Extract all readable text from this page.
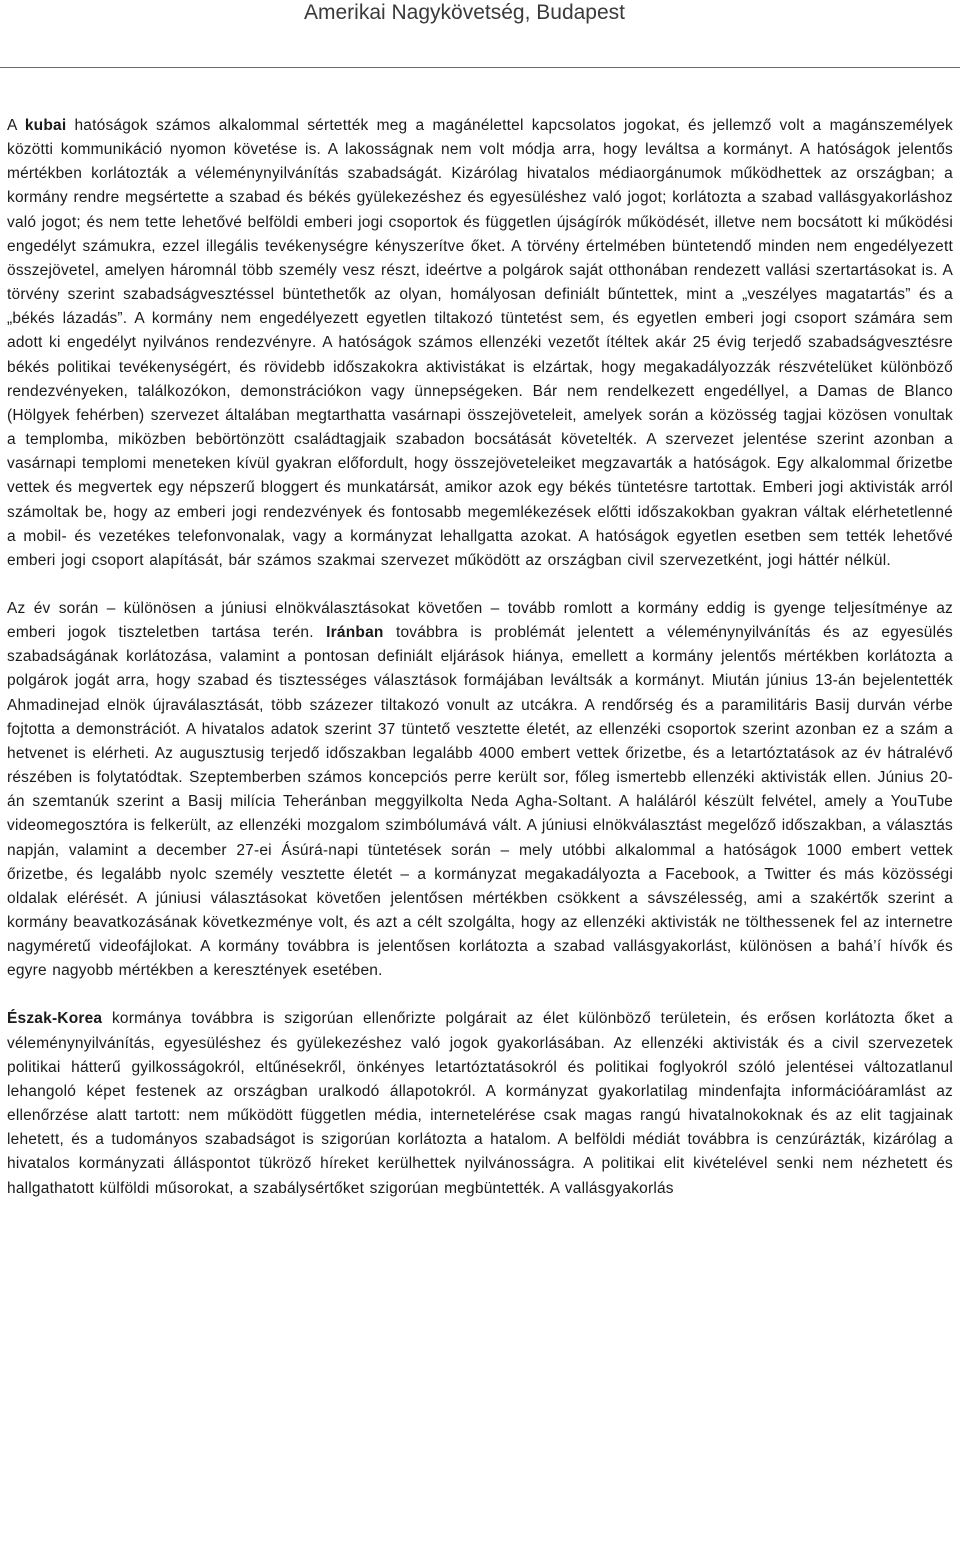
Amerikai Nagykövetség, Budapest

A kubai hatóságok számos alkalommal sértették meg a magánélettel kapcsolatos jogokat, és jellemző volt a magánszemélyek közötti kommunikáció nyomon követése is. A lakosságnak nem volt módja arra, hogy leváltsa a kormányt. A hatóságok jelentős mértékben korlátozták a véleménynyilvánítás szabadságát. Kizárólag hivatalos médiaorgánumok működhettek az országban; a kormány rendre megsértette a szabad és békés gyülekezéshez és egyesüléshez való jogot; korlátozta a szabad vallásgyakorláshoz való jogot; és nem tette lehetővé belföldi emberi jogi csoportok és független újságírók működését, illetve nem bocsátott ki működési engedélyt számukra, ezzel illegális tevékenységre kényszerítve őket. A törvény értelmében büntetendő minden nem engedélyezett összejövetel, amelyen háromnál több személy vesz részt, ideértve a polgárok saját otthonában rendezett vallási szertartásokat is. A törvény szerint szabadságvesztéssel büntethetők az olyan, homályosan definiált bűntettek, mint a „veszélyes magatartás” és a „békés lázadás”. A kormány nem engedélyezett egyetlen tiltakozó tüntetést sem, és egyetlen emberi jogi csoport számára sem adott ki engedélyt nyilvános rendezvényre. A hatóságok számos ellenzéki vezetőt ítéltek akár 25 évig terjedő szabadságvesztésre békés politikai tevékenységért, és rövidebb időszakokra aktivistákat is elzártak, hogy megakadályozzák részvételüket különböző rendezvényeken, találkozókon, demonstrációkon vagy ünnepségeken. Bár nem rendelkezett engedéllyel, a Damas de Blanco (Hölgyek fehérben) szervezet általában megtarthatta vasárnapi összejöveteleit, amelyek során a közösség tagjai közösen vonultak a templomba, miközben bebörtönzött családtagjaik szabadon bocsátását követelték. A szervezet jelentése szerint azonban a vasárnapi templomi meneteken kívül gyakran előfordult, hogy összejöveteleiket megzavarták a hatóságok. Egy alkalommal őrizetbe vettek és megvertek egy népszerű bloggert és munkatársát, amikor azok egy békés tüntetésre tartottak. Emberi jogi aktivisták arról számoltak be, hogy az emberi jogi rendezvények és fontosabb megemlékezések előtti időszakokban gyakran váltak elérhetetlenné a mobil- és vezetékes telefonvonalak, vagy a kormányzat lehallgatta azokat. A hatóságok egyetlen esetben sem tették lehetővé emberi jogi csoport alapítását, bár számos szakmai szervezet működött az országban civil szervezetként, jogi háttér nélkül.

Az év során – különösen a júniusi elnökválasztásokat követően – tovább romlott a kormány eddig is gyenge teljesítménye az emberi jogok tiszteletben tartása terén. Iránban továbbra is problémát jelentett a véleménynyilvánítás és az egyesülés szabadságának korlátozása, valamint a pontosan definiált eljárások hiánya, emellett a kormány jelentős mértékben korlátozta a polgárok jogát arra, hogy szabad és tisztességes választások formájában leváltsák a kormányt. Miután június 13-án bejelentették Ahmadinejad elnök újraválasztását, több százezer tiltakozó vonult az utcákra. A rendőrség és a paramilitáris Basij durván vérbe fojtotta a demonstrációt. A hivatalos adatok szerint 37 tüntető vesztette életét, az ellenzéki csoportok szerint azonban ez a szám a hetvenet is elérheti. Az augusztusig terjedő időszakban legalább 4000 embert vettek őrizetbe, és a letartóztatások az év hátralévő részében is folytatódtak. Szeptemberben számos koncepciós perre került sor, főleg ismertebb ellenzéki aktivisták ellen. Június 20-án szemtanúk szerint a Basij milícia Teheránban meggyilkolta Neda Agha-Soltant. A haláláról készült felvétel, amely a YouTube videomegosztóra is felkerült, az ellenzéki mozgalom szimbólumává vált. A júniusi elnökválasztást megelőző időszakban, a választás napján, valamint a december 27-ei Ásúrá-napi tüntetések során – mely utóbbi alkalommal a hatóságok 1000 embert vettek őrizetbe, és legalább nyolc személy vesztette életét – a kormányzat megakadályozta a Facebook, a Twitter és más közösségi oldalak elérését. A júniusi választásokat követően jelentősen mértékben csökkent a sávszélesség, ami a szakértők szerint a kormány beavatkozásának következménye volt, és azt a célt szolgálta, hogy az ellenzéki aktivisták ne tölthessenek fel az internetre nagyméretű videofájlokat. A kormány továbbra is jelentősen korlátozta a szabad vallásgyakorlást, különösen a bahá’í hívők és egyre nagyobb mértékben a keresztények esetében.

Észak-Korea kormánya továbbra is szigorúan ellenőrizte polgárait az élet különböző területein, és erősen korlátozta őket a véleménynyilvánítás, egyesüléshez és gyülekezéshez való jogok gyakorlásában. Az ellenzéki aktivisták és a civil szervezetek politikai hátterű gyilkosságokról, eltűnésekről, önkényes letartóztatásokról és politikai foglyokról szóló jelentései változatlanul lehangoló képet festenek az országban uralkodó állapotokról. A kormányzat gyakorlatilag mindenfajta információáramlást az ellenőrzése alatt tartott: nem működött független média, internetelérése csak magas rangú hivatalnokoknak és az elit tagjainak lehetett, és a tudományos szabadságot is szigorúan korlátozta a hatalom. A belföldi médiát továbbra is cenzúrázták, kizárólag a hivatalos kormányzati álláspontot tükröző híreket kerülhettek nyilvánosságra. A politikai elit kivételével senki nem nézhetett és hallgathatott külföldi műsorokat, a szabálysértőket szigorúan megbüntették. A vallásgyakorlás
